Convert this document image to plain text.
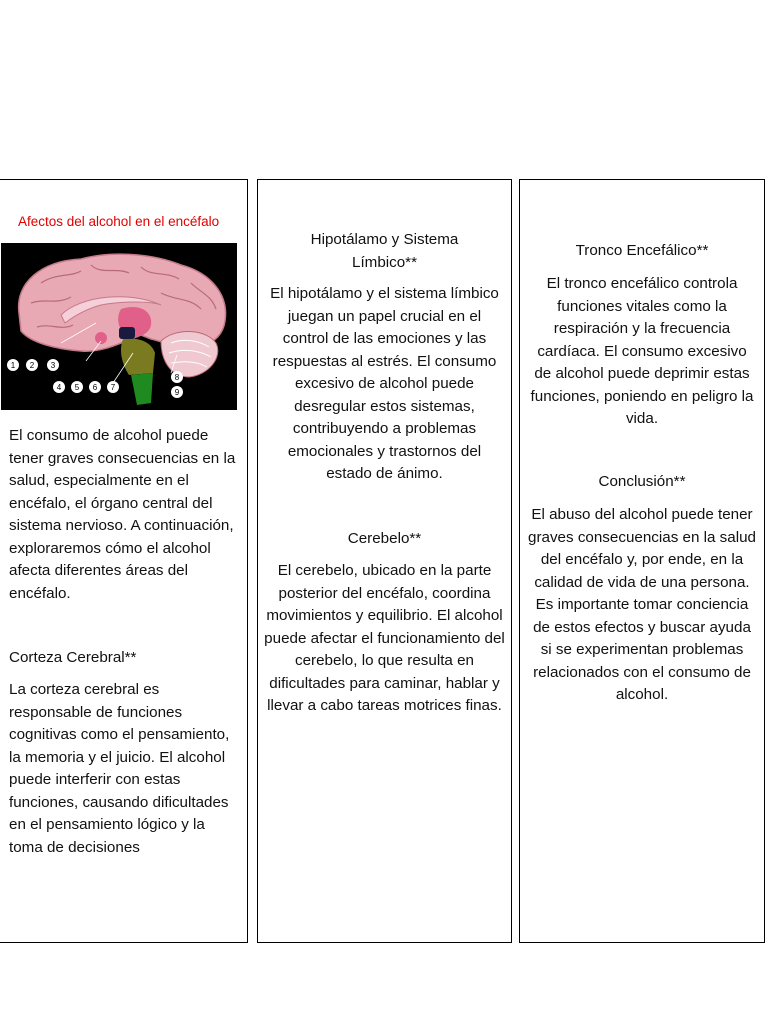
Afectos del alcohol en el encéfalo
1 2 3
4 5 6 7
8
9

El consumo de alcohol puede tener graves consecuencias en la salud, especialmente en el encéfalo, el órgano central del sistema nervioso. A continuación, exploraremos cómo el alcohol afecta diferentes áreas del encéfalo.

Corteza Cerebral**

La corteza cerebral es responsable de funciones cognitivas como el pensamiento, la memoria y el juicio. El alcohol puede interferir con estas funciones, causando dificultades en el pensamiento lógico y la toma de decisiones

Hipotálamo y Sistema Límbico**

El hipotálamo y el sistema límbico juegan un papel crucial en el control de las emociones y las respuestas al estrés. El consumo excesivo de alcohol puede desregular estos sistemas, contribuyendo a problemas emocionales y trastornos del estado de ánimo.

Cerebelo**

El cerebelo, ubicado en la parte posterior del encéfalo, coordina movimientos y equilibrio. El alcohol puede afectar el funcionamiento del cerebelo, lo que resulta en dificultades para caminar, hablar y llevar a cabo tareas motrices finas.

Tronco Encefálico**

El tronco encefálico controla funciones vitales como la respiración y la frecuencia cardíaca. El consumo excesivo de alcohol puede deprimir estas funciones, poniendo en peligro la vida.

Conclusión**

El abuso del alcohol puede tener graves consecuencias en la salud del encéfalo y, por ende, en la calidad de vida de una persona. Es importante tomar conciencia de estos efectos y buscar ayuda si se experimentan problemas relacionados con el consumo de alcohol.
